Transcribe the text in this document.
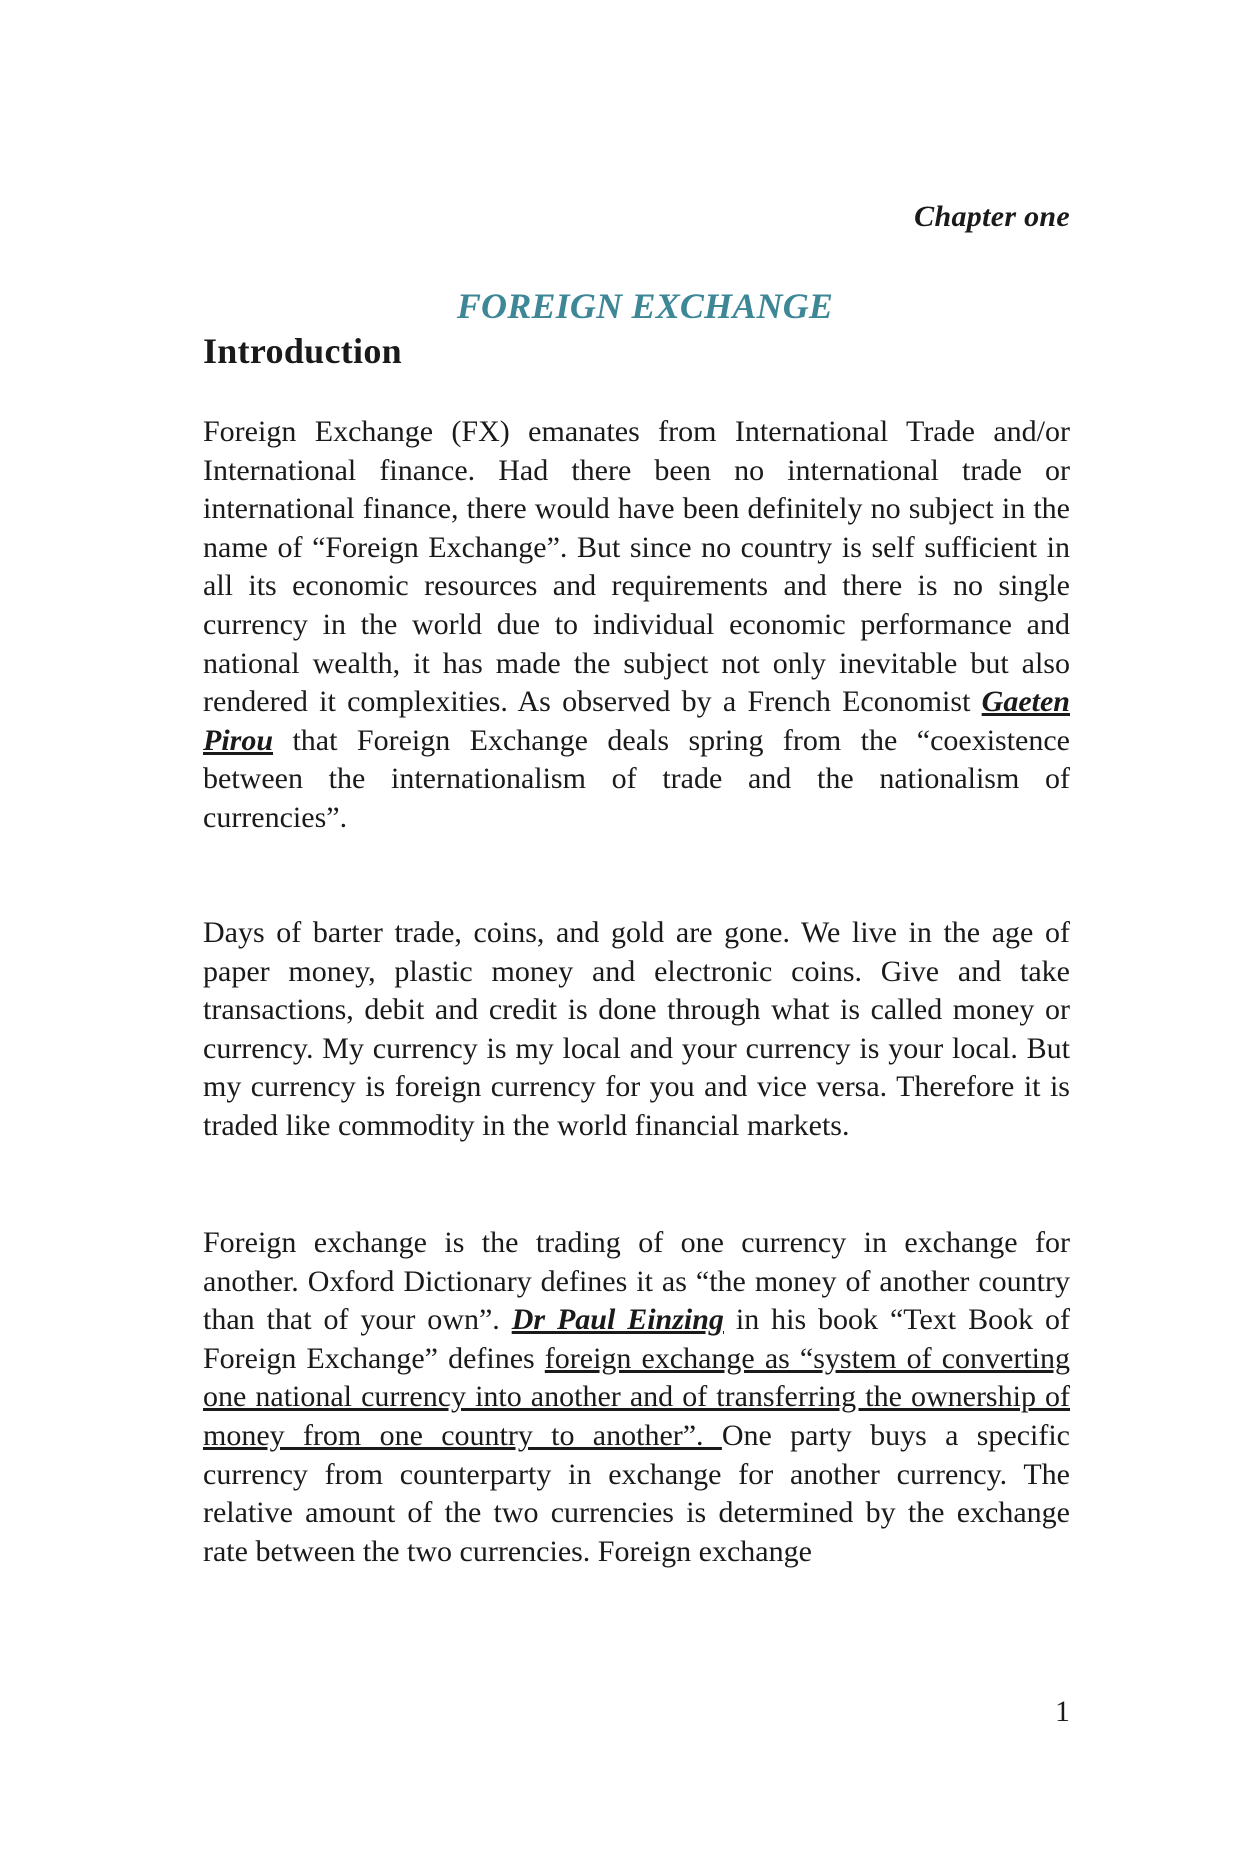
Chapter one
FOREIGN EXCHANGE
Introduction
Foreign Exchange (FX) emanates from International Trade and/or International finance. Had there been no international trade or international finance, there would have been definitely no subject in the name of “Foreign Exchange”. But since no country is self sufficient in all its economic resources and requirements and there is no single currency in the world due to individual economic performance and national wealth, it has made the subject not only inevitable but also rendered it complexities. As observed by a French Economist Gaeten Pirou that Foreign Exchange deals spring from the “coexistence between the internationalism of trade and the nationalism of currencies”.
Days of barter trade, coins, and gold are gone. We live in the age of paper money, plastic money and electronic coins. Give and take transactions, debit and credit is done through what is called money or currency. My currency is my local and your currency is your local. But my currency is foreign currency for you and vice versa. Therefore it is traded like commodity in the world financial markets.
Foreign exchange is the trading of one currency in exchange for another. Oxford Dictionary defines it as “the money of another country than that of your own”. Dr Paul Einzing in his book “Text Book of Foreign Exchange” defines foreign exchange as “system of converting one national currency into another and of transferring the ownership of money from one country to another”. One party buys a specific currency from counterparty in exchange for another currency. The relative amount of the two currencies is determined by the exchange rate between the two currencies. Foreign exchange
1
